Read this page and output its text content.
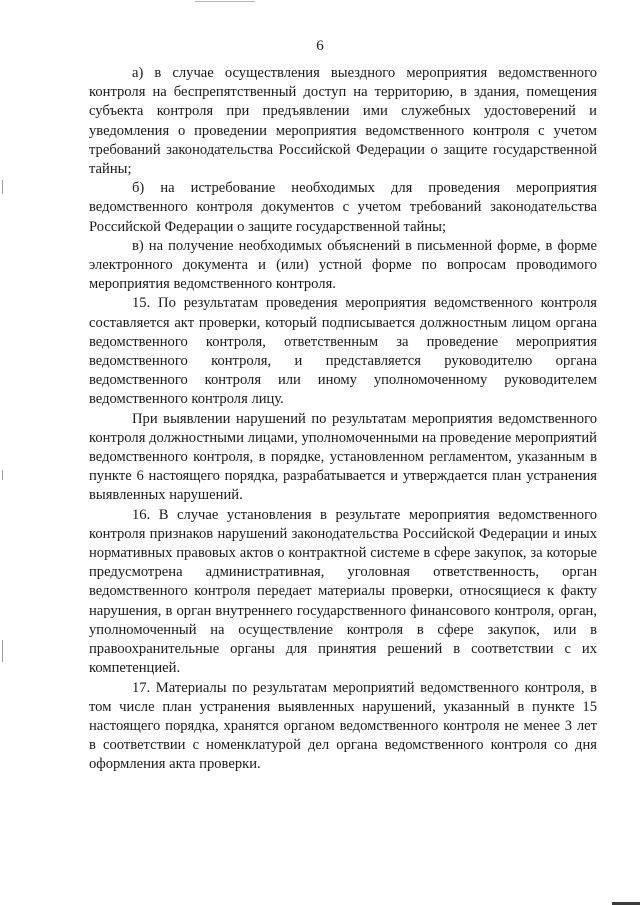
6

а) в случае осуществления выездного мероприятия ведомственного контроля на беспрепятственный доступ на территорию, в здания, помещения субъекта контроля при предъявлении ими служебных удостоверений и уведомления о проведении мероприятия ведомственного контроля с учетом требований законодательства Российской Федерации о защите государственной тайны;

б) на истребование необходимых для проведения мероприятия ведомственного контроля документов с учетом требований законодательства Российской Федерации о защите государственной тайны;

в) на получение необходимых объяснений в письменной форме, в форме электронного документа и (или) устной форме по вопросам проводимого мероприятия ведомственного контроля.

15. По результатам проведения мероприятия ведомственного контроля составляется акт проверки, который подписывается должностным лицом органа ведомственного контроля, ответственным за проведение мероприятия ведомственного контроля, и представляется руководителю органа ведомственного контроля или иному уполномоченному руководителем ведомственного контроля лицу.

При выявлении нарушений по результатам мероприятия ведомственного контроля должностными лицами, уполномоченными на проведение мероприятий ведомственного контроля, в порядке, установленном регламентом, указанным в пункте 6 настоящего порядка, разрабатывается и утверждается план устранения выявленных нарушений.

16. В случае установления в результате мероприятия ведомственного контроля признаков нарушений законодательства Российской Федерации и иных нормативных правовых актов о контрактной системе в сфере закупок, за которые предусмотрена административная, уголовная ответственность, орган ведомственного контроля передает материалы проверки, относящиеся к факту нарушения, в орган внутреннего государственного финансового контроля, орган, уполномоченный на осуществление контроля в сфере закупок, или в правоохранительные органы для принятия решений в соответствии с их компетенцией.

17. Материалы по результатам мероприятий ведомственного контроля, в том числе план устранения выявленных нарушений, указанный в пункте 15 настоящего порядка, хранятся органом ведомственного контроля не менее 3 лет в соответствии с номенклатурой дел органа ведомственного контроля со дня оформления акта проверки.
